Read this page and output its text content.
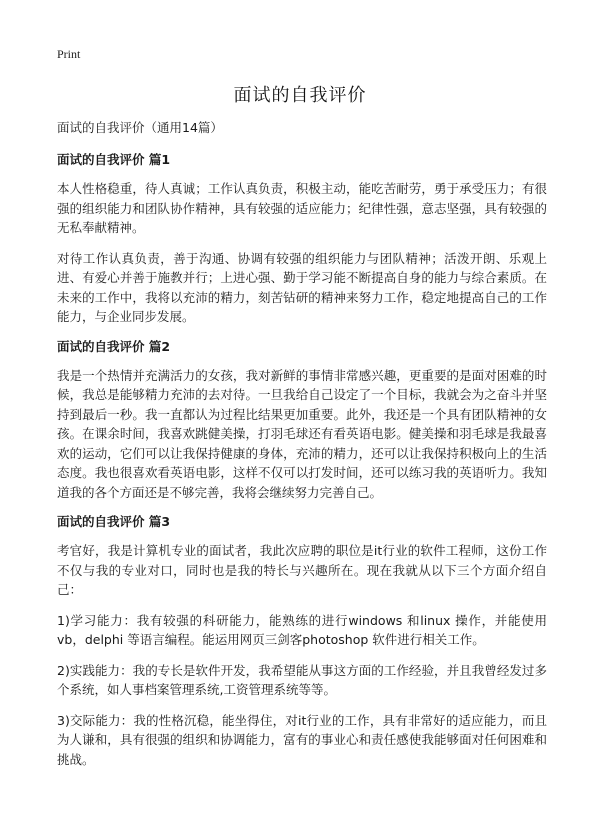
Print
面试的自我评价
面试的自我评价（通用14篇）
面试的自我评价 篇1

本人性格稳重，待人真诚；工作认真负责，积极主动，能吃苦耐劳，勇于承受压力；有很强的组织能力和团队协作精神，具有较强的适应能力；纪律性强，意志坚强，具有较强的无私奉献精神。

对待工作认真负责，善于沟通、协调有较强的组织能力与团队精神；活泼开朗、乐观上进、有爱心并善于施教并行；上进心强、勤于学习能不断提高自身的能力与综合素质。在未来的工作中，我将以充沛的精力，刻苦钻研的精神来努力工作，稳定地提高自己的工作能力，与企业同步发展。

面试的自我评价 篇2

我是一个热情并充满活力的女孩，我对新鲜的事情非常感兴趣，更重要的是面对困难的时候，我总是能够精力充沛的去对待。一旦我给自己设定了一个目标，我就会为之奋斗并坚持到最后一秒。我一直都认为过程比结果更加重要。此外，我还是一个具有团队精神的女孩。在课余时间，我喜欢跳健美操，打羽毛球还有看英语电影。健美操和羽毛球是我最喜欢的运动，它们可以让我保持健康的身体，充沛的精力，还可以让我保持积极向上的生活态度。我也很喜欢看英语电影，这样不仅可以打发时间，还可以练习我的英语听力。我知道我的各个方面还是不够完善，我将会继续努力完善自己。

面试的自我评价 篇3

考官好，我是计算机专业的面试者，我此次应聘的职位是it行业的软件工程师，这份工作不仅与我的专业对口，同时也是我的特长与兴趣所在。现在我就从以下三个方面介绍自己：

1)学习能力：我有较强的科研能力，能熟练的进行windows 和linux 操作，并能使用vb，delphi 等语言编程。能运用网页三剑客photoshop 软件进行相关工作。

2)实践能力：我的专长是软件开发，我希望能从事这方面的工作经验，并且我曾经发过多个系统，如人事档案管理系统,工资管理系统等等。

3)交际能力：我的性格沉稳，能坐得住，对it行业的工作，具有非常好的适应能力，而且为人谦和，具有很强的组织和协调能力，富有的事业心和责任感使我能够面对任何困难和挑战。
